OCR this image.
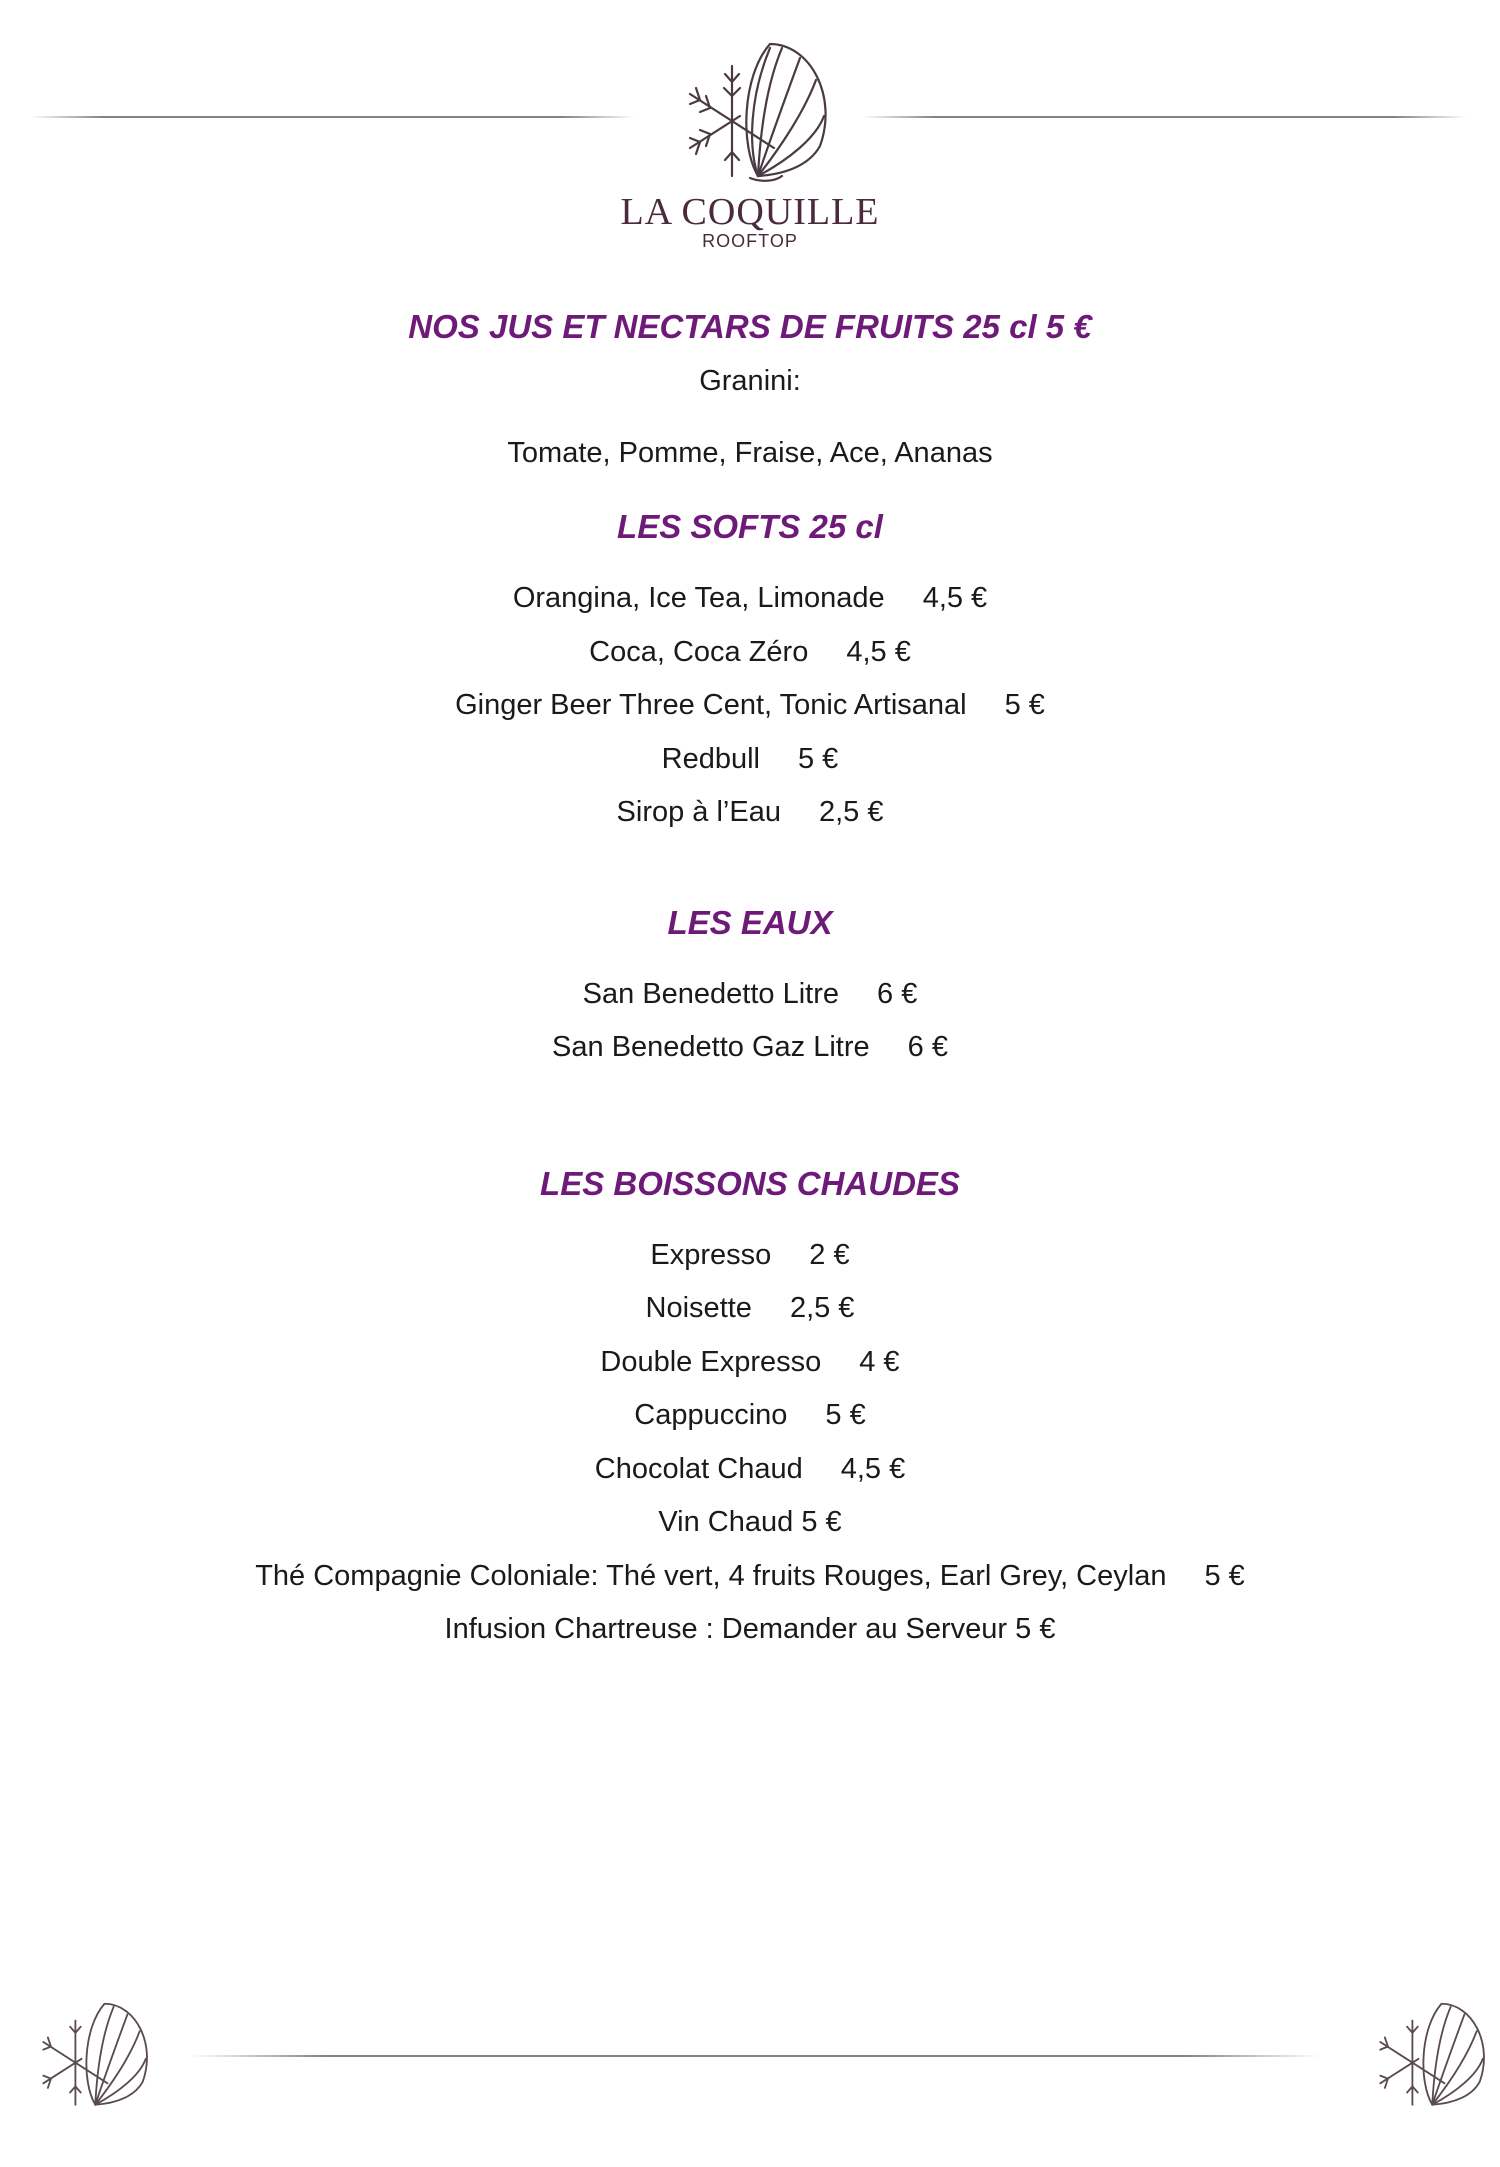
LA COQUILLE
ROOFTOP

NOS JUS ET NECTARS DE FRUITS 25 cl 5 €

Granini:

Tomate, Pomme, Fraise, Ace, Ananas

LES SOFTS 25 cl

Orangina, Ice Tea, Limonade 4,5 €

Coca, Coca Zéro 4,5 €

Ginger Beer Three Cent, Tonic Artisanal 5 €

Redbull 5 €

Sirop à l’Eau 2,5 €

LES EAUX

San Benedetto Litre 6 €

San Benedetto Gaz Litre 6 €

LES BOISSONS CHAUDES

Expresso 2 €

Noisette 2,5 €

Double Expresso 4 €

Cappuccino 5 €

Chocolat Chaud 4,5 €

Vin Chaud 5 €

Thé Compagnie Coloniale: Thé vert, 4 fruits Rouges, Earl Grey, Ceylan 5 €

Infusion Chartreuse : Demander au Serveur 5 €
